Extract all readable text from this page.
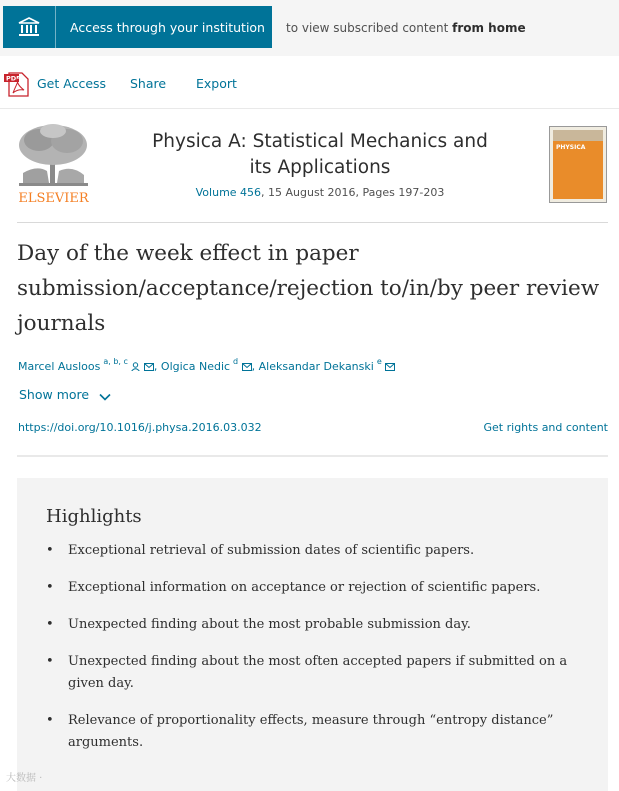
Access through your institution to view subscribed content from home
PDF Get Access Share Export
ELSEVIER
Physica A: Statistical Mechanics and its Applications
Volume 456, 15 August 2016, Pages 197-203
PHYSICA
Day of the week effect in paper submission/acceptance/rejection to/in/by peer review journals
Marcel Ausloos $^{a, b, c}$ , Olgica Nedic $^d$ , Aleksandar Dekanski $^e$
Show more
https://doi.org/10.1016/j.physa.2016.03.032	Get rights and content
Highlights
• Exceptional retrieval of submission dates of scientific papers.
• Exceptional information on acceptance or rejection of scientific papers.
• Unexpected finding about the most probable submission day.
• Unexpected finding about the most often accepted papers if submitted on a given day.
• Relevance of proportionality effects, measure through “entropy distance” arguments.
大数据 ·
